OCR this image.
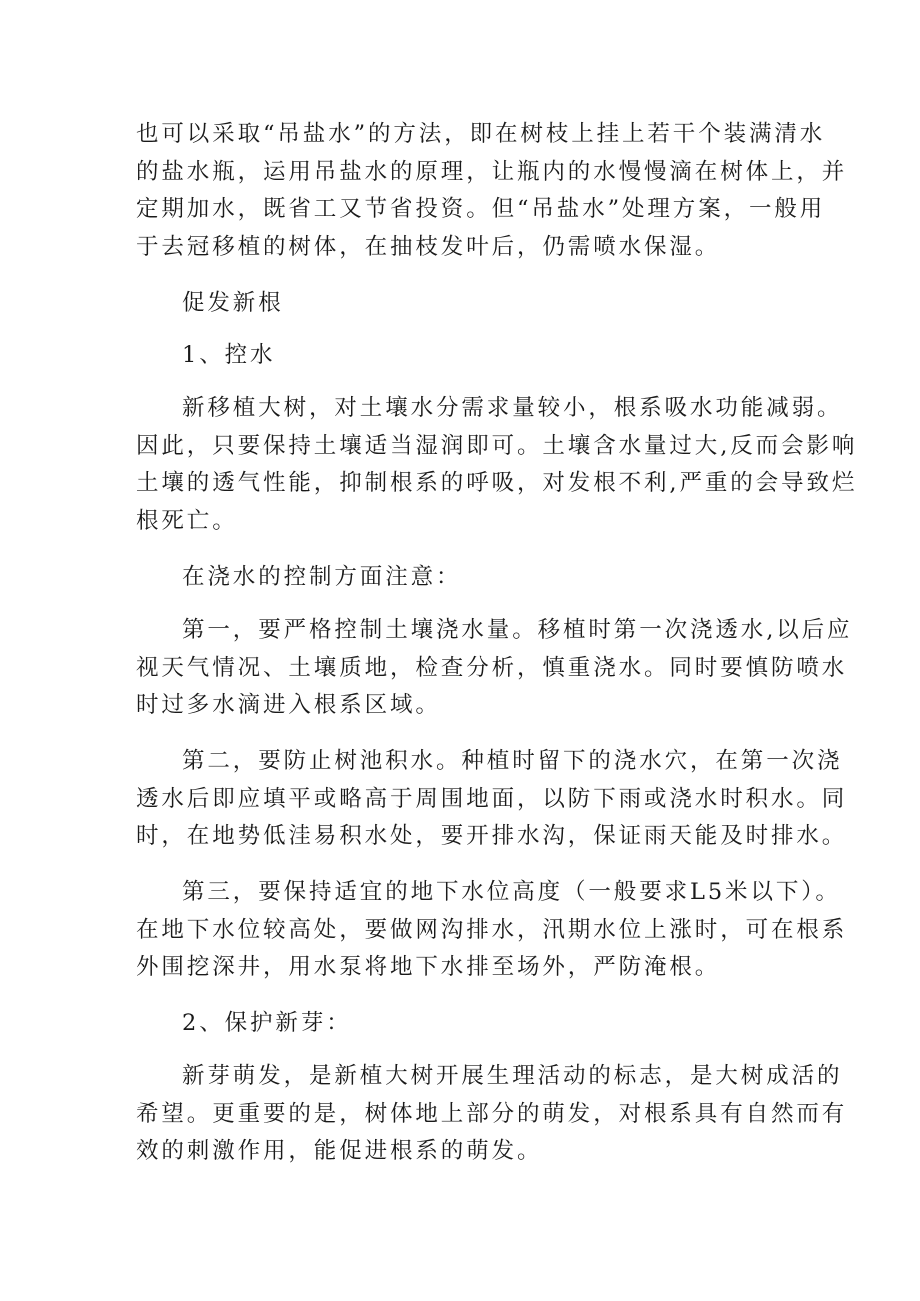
也可以采取“吊盐水”的方法，即在树枝上挂上若干个装满清水
的盐水瓶，运用吊盐水的原理，让瓶内的水慢慢滴在树体上，并
定期加水，既省工又节省投资。但“吊盐水”处理方案，一般用
于去冠移植的树体，在抽枝发叶后，仍需喷水保湿。

促发新根

1、控水

新移植大树，对土壤水分需求量较小，根系吸水功能减弱。
因此，只要保持土壤适当湿润即可。土壤含水量过大,反而会影响
土壤的透气性能，抑制根系的呼吸，对发根不利,严重的会导致烂
根死亡。

在浇水的控制方面注意：

第一，要严格控制土壤浇水量。移植时第一次浇透水,以后应
视天气情况、土壤质地，检查分析，慎重浇水。同时要慎防喷水
时过多水滴进入根系区域。

第二，要防止树池积水。种植时留下的浇水穴，在第一次浇
透水后即应填平或略高于周围地面，以防下雨或浇水时积水。同
时，在地势低洼易积水处，要开排水沟，保证雨天能及时排水。

第三，要保持适宜的地下水位高度（一般要求L5米以下）。
在地下水位较高处，要做网沟排水，汛期水位上涨时，可在根系
外围挖深井，用水泵将地下水排至场外，严防淹根。

2、保护新芽：

新芽萌发，是新植大树开展生理活动的标志，是大树成活的
希望。更重要的是，树体地上部分的萌发，对根系具有自然而有
效的刺激作用，能促进根系的萌发。
